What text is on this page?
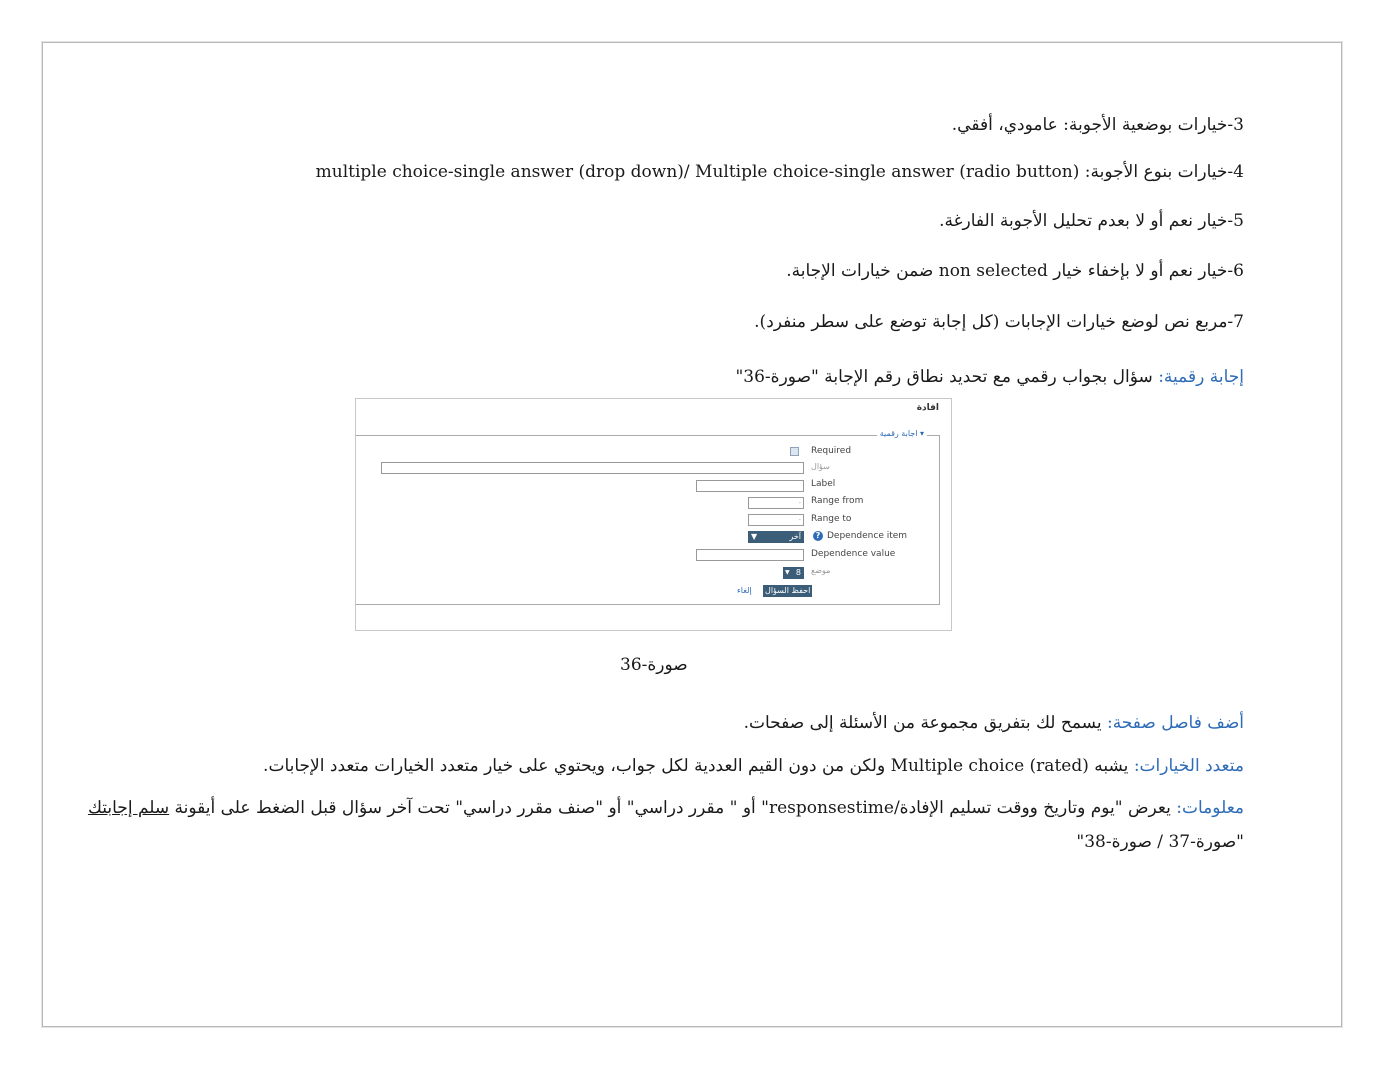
3-خيارات بوضعية الأجوبة: عامودي، أفقي.
4-خيارات بنوع الأجوبة: (multiple choice-single answer (drop down)/ Multiple choice-single answer (radio button
5-خيار نعم أو لا بعدم تحليل الأجوبة الفارغة.
6-خيار نعم أو لا بإخفاء خيار non selected ضمن خيارات الإجابة.
7-مربع نص لوضع خيارات الإجابات (كل إجابة توضع على سطر منفرد).
إجابة رقمية: سؤال بجواب رقمي مع تحديد نطاق رقم الإجابة "صورة-36"
افادة
▾ اجابة رقمية
Required
سؤال
Label
- Range from
- Range to
آخر
▼	? Dependence item
Dependence value
8
▼	موضع
احفظ السؤال
إلغاء
صورة-36
أضف فاصل صفحة: يسمح لك بتفريق مجموعة من الأسئلة إلى صفحات.
متعدد الخيارات: يشبه (Multiple choice (rated ولكن من دون القيم العددية لكل جواب، ويحتوي على خيار متعدد الخيارات متعدد الإجابات.
معلومات: يعرض "يوم وتاريخ ووقت تسليم الإفادة/responsestime" أو " مقرر دراسي" أو "صنف مقرر دراسي" تحت آخر سؤال قبل الضغط على أيقونة سلم إجابتك
"صورة-37 / صورة-38"
